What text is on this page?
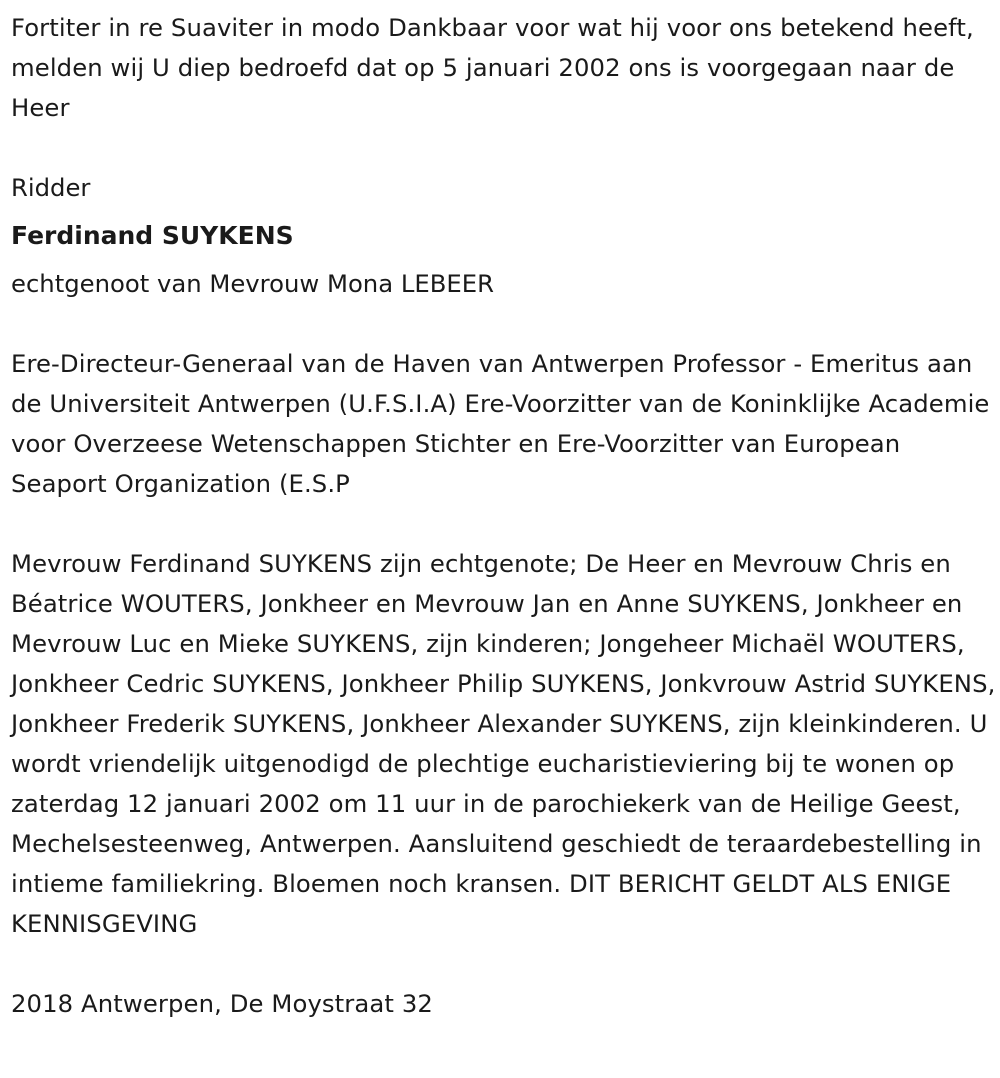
Fortiter in re Suaviter in modo Dankbaar voor wat hij voor ons betekend heeft, melden wij U diep bedroefd dat op 5 januari 2002 ons is voorgegaan naar de Heer

Ridder

Ferdinand SUYKENS

echtgenoot van Mevrouw Mona LEBEER

Ere-Directeur-Generaal van de Haven van Antwerpen Professor - Emeritus aan de Universiteit Antwerpen (U.F.S.I.A) Ere-Voorzitter van de Koninklijke Academie voor Overzeese Wetenschappen Stichter en Ere-Voorzitter van European Seaport Organization (E.S.P

Mevrouw Ferdinand SUYKENS zijn echtgenote; De Heer en Mevrouw Chris en Béatrice WOUTERS, Jonkheer en Mevrouw Jan en Anne SUYKENS, Jonkheer en Mevrouw Luc en Mieke SUYKENS, zijn kinderen; Jongeheer Michaël WOUTERS, Jonkheer Cedric SUYKENS, Jonkheer Philip SUYKENS, Jonkvrouw Astrid SUYKENS, Jonkheer Frederik SUYKENS, Jonkheer Alexander SUYKENS, zijn kleinkinderen. U wordt vriendelijk uitgenodigd de plechtige eucharistieviering bij te wonen op zaterdag 12 januari 2002 om 11 uur in de parochiekerk van de Heilige Geest, Mechelsesteenweg, Antwerpen. Aansluitend geschiedt de teraardebestelling in intieme familiekring. Bloemen noch kransen. DIT BERICHT GELDT ALS ENIGE KENNISGEVING

2018 Antwerpen, De Moystraat 32
